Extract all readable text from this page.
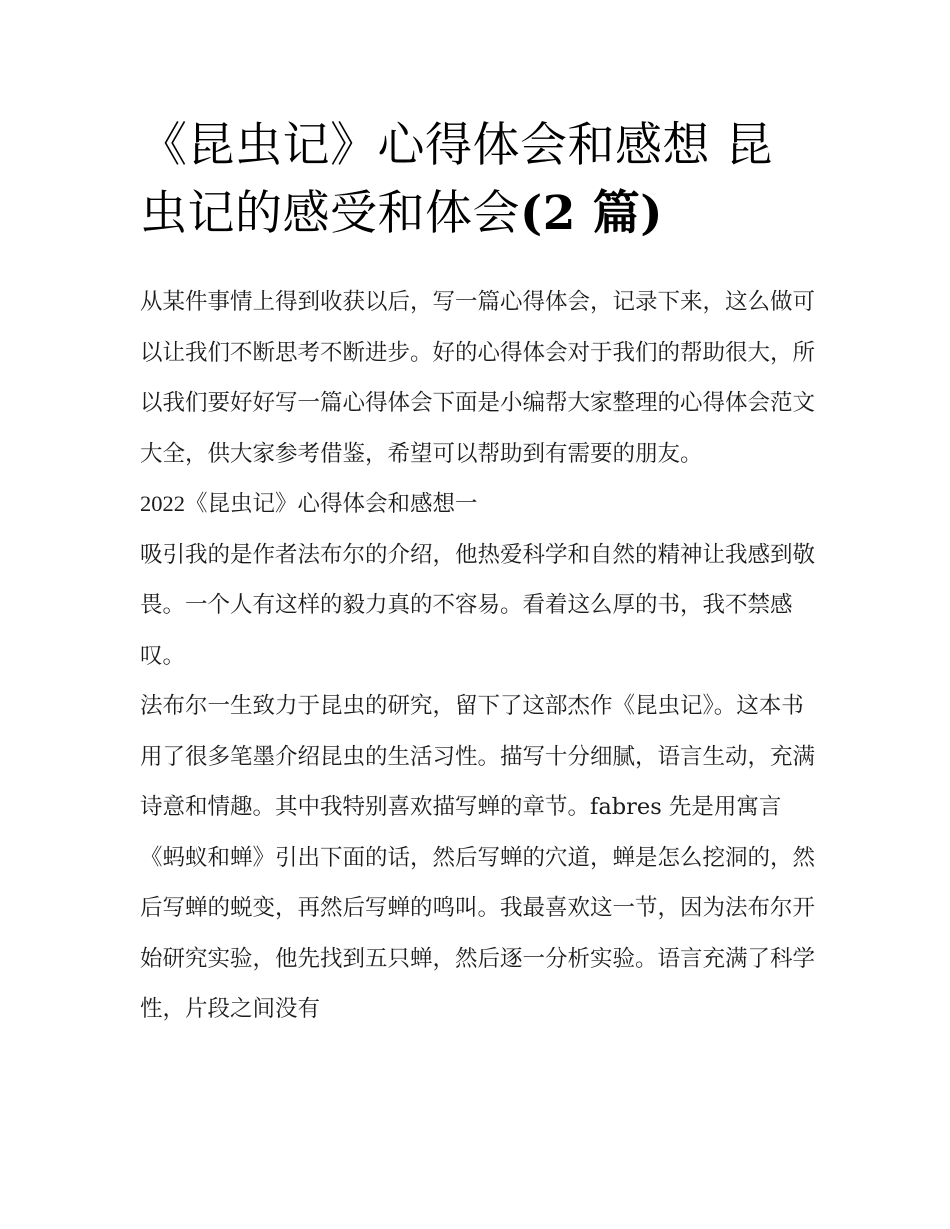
《昆虫记》心得体会和感想 昆虫记的感受和体会(2 篇)

从某件事情上得到收获以后，写一篇心得体会，记录下来，这么做可以让我们不断思考不断进步。好的心得体会对于我们的帮助很大，所以我们要好好写一篇心得体会下面是小编帮大家整理的心得体会范文大全，供大家参考借鉴，希望可以帮助到有需要的朋友。

2022《昆虫记》心得体会和感想一

吸引我的是作者法布尔的介绍，他热爱科学和自然的精神让我感到敬畏。一个人有这样的毅力真的不容易。看着这么厚的书，我不禁感叹。

法布尔一生致力于昆虫的研究，留下了这部杰作《昆虫记》。这本书用了很多笔墨介绍昆虫的生活习性。描写十分细腻，语言生动，充满诗意和情趣。其中我特别喜欢描写蝉的章节。fabres 先是用寓言《蚂蚁和蝉》引出下面的话，然后写蝉的穴道，蝉是怎么挖洞的，然后写蝉的蜕变，再然后写蝉的鸣叫。我最喜欢这一节，因为法布尔开始研究实验，他先找到五只蝉，然后逐一分析实验。语言充满了科学性，片段之间没有
